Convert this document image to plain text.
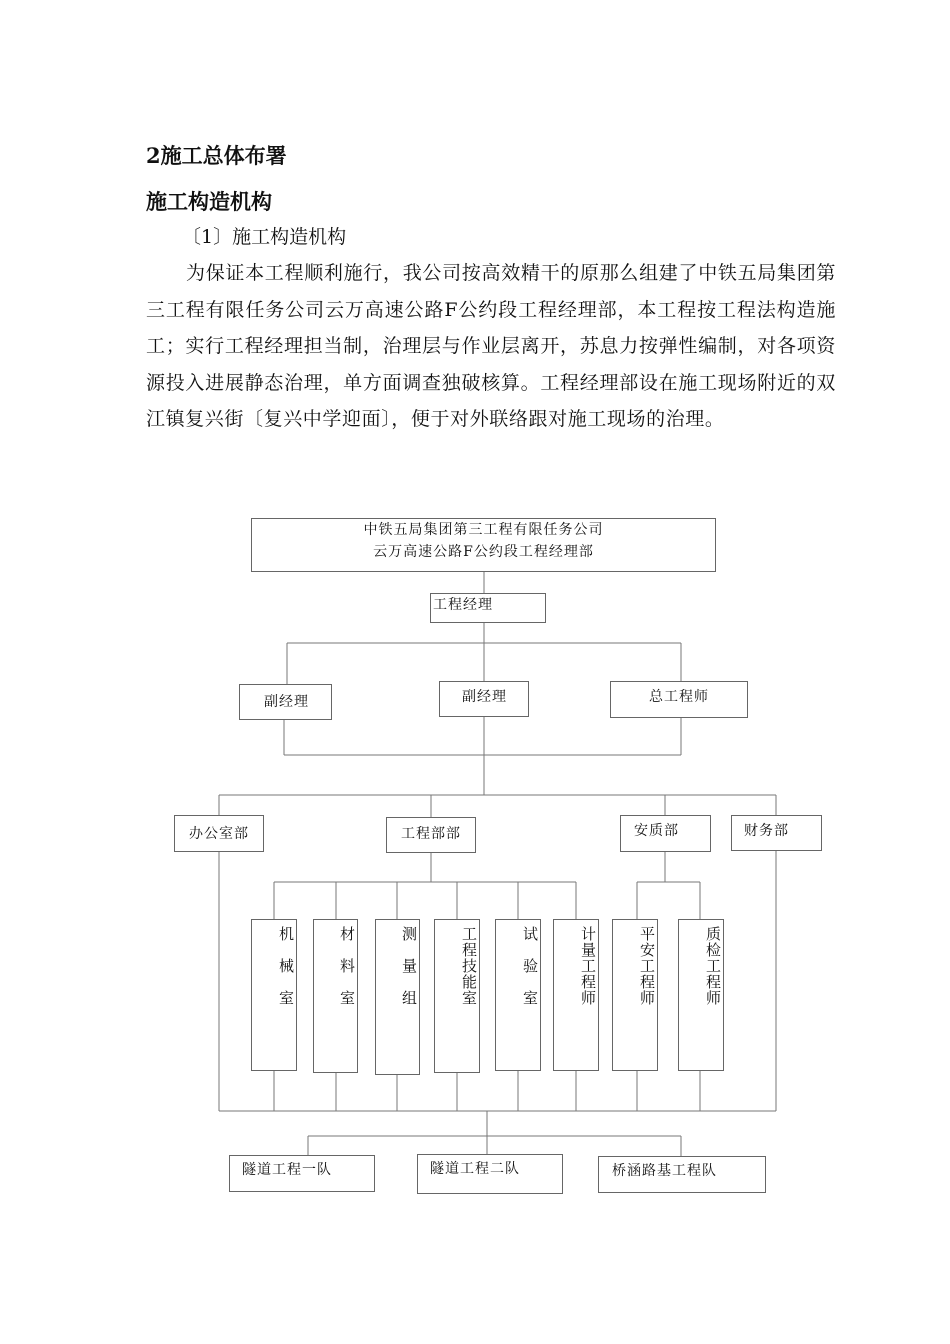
2施工总体布署
施工构造机构
〔1〕施工构造机构

为保证本工程顺利施行，我公司按高效精干的原那么组建了中铁五局集团第三工程有限任务公司云万高速公路F公约段工程经理部，本工程按工程法构造施工；实行工程经理担当制，治理层与作业层离开，苏息力按弹性编制，对各项资源投入进展静态治理，单方面调查独破核算。工程经理部设在施工现场附近的双江镇复兴街〔复兴中学迎面〕，便于对外联络跟对施工现场的治理。

中铁五局集团第三工程有限任务公司
云万高速公路F公约段工程经理部
工程经理
副经理	副经理	总工程师
办公室部	工程部部	安质部	财务部
机械室	材料室	测量组	工程技能室	试验室	计量工程师	平安工程师	质检工程师
隧道工程一队	隧道工程二队	桥涵路基工程队
